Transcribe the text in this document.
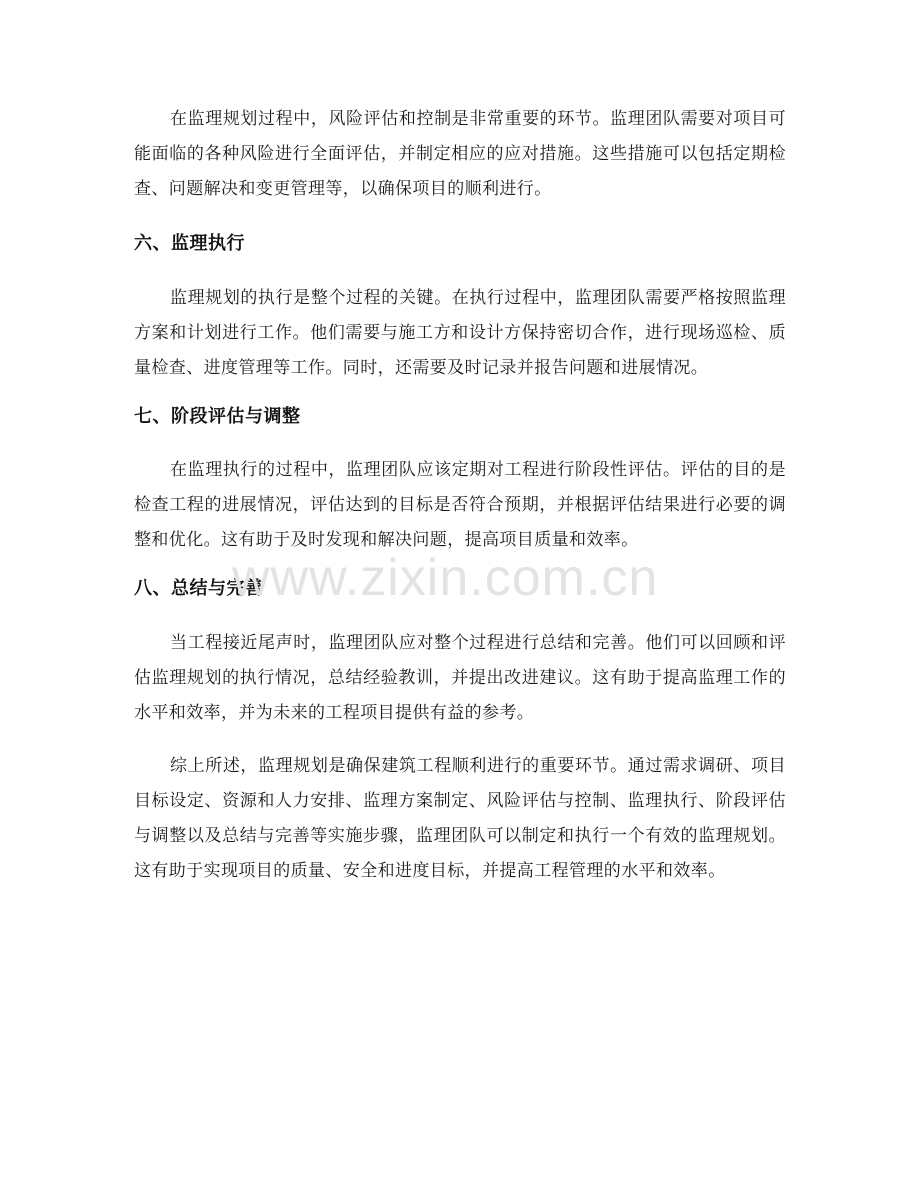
在监理规划过程中，风险评估和控制是非常重要的环节。监理团队需要对项目可能面临的各种风险进行全面评估，并制定相应的应对措施。这些措施可以包括定期检查、问题解决和变更管理等，以确保项目的顺利进行。

六、监理执行

监理规划的执行是整个过程的关键。在执行过程中，监理团队需要严格按照监理方案和计划进行工作。他们需要与施工方和设计方保持密切合作，进行现场巡检、质量检查、进度管理等工作。同时，还需要及时记录并报告问题和进展情况。

七、阶段评估与调整

在监理执行的过程中，监理团队应该定期对工程进行阶段性评估。评估的目的是检查工程的进展情况，评估达到的目标是否符合预期，并根据评估结果进行必要的调整和优化。这有助于及时发现和解决问题，提高项目质量和效率。

八、总结与完善

当工程接近尾声时，监理团队应对整个过程进行总结和完善。他们可以回顾和评估监理规划的执行情况，总结经验教训，并提出改进建议。这有助于提高监理工作的水平和效率，并为未来的工程项目提供有益的参考。

综上所述，监理规划是确保建筑工程顺利进行的重要环节。通过需求调研、项目目标设定、资源和人力安排、监理方案制定、风险评估与控制、监理执行、阶段评估与调整以及总结与完善等实施步骤，监理团队可以制定和执行一个有效的监理规划。这有助于实现项目的质量、安全和进度目标，并提高工程管理的水平和效率。

www.zixin.com.cn
